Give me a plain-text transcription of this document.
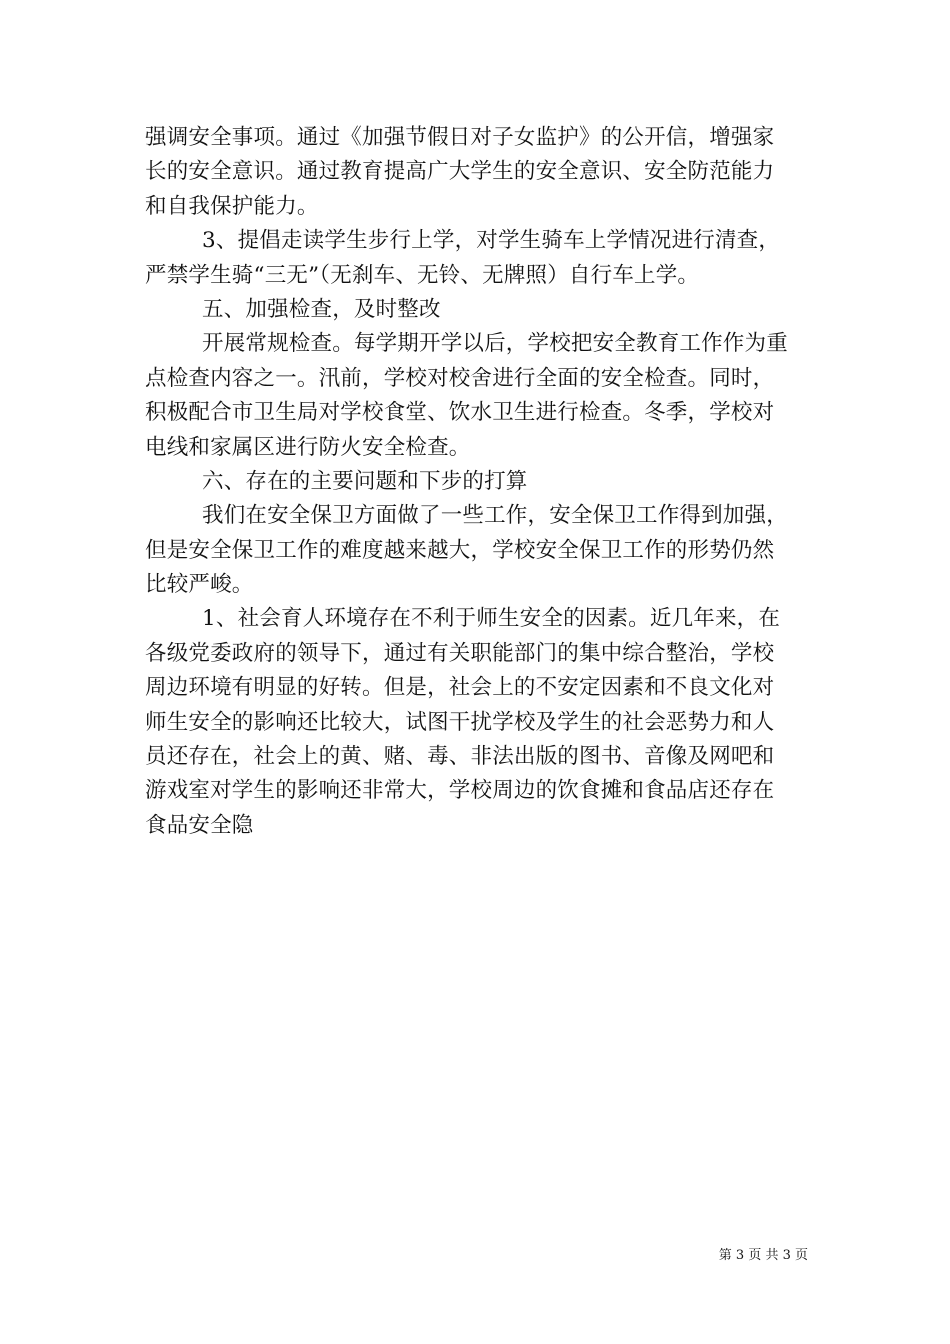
强调安全事项。通过《加强节假日对子女监护》的公开信，增强家
长的安全意识。通过教育提高广大学生的安全意识、安全防范能力
和自我保护能力。
3、提倡走读学生步行上学，对学生骑车上学情况进行清查，
严禁学生骑“三无”（无刹车、无铃、无牌照）自行车上学。
五、加强检查，及时整改
开展常规检查。每学期开学以后，学校把安全教育工作作为重
点检查内容之一。汛前，学校对校舍进行全面的安全检查。同时，
积极配合市卫生局对学校食堂、饮水卫生进行检查。冬季，学校对
电线和家属区进行防火安全检查。
六、存在的主要问题和下步的打算
我们在安全保卫方面做了一些工作，安全保卫工作得到加强，
但是安全保卫工作的难度越来越大，学校安全保卫工作的形势仍然
比较严峻。
1、社会育人环境存在不利于师生安全的因素。近几年来，在
各级党委政府的领导下，通过有关职能部门的集中综合整治，学校
周边环境有明显的好转。但是，社会上的不安定因素和不良文化对
师生安全的影响还比较大，试图干扰学校及学生的社会恶势力和人
员还存在，社会上的黄、赌、毒、非法出版的图书、音像及网吧和
游戏室对学生的影响还非常大，学校周边的饮食摊和食品店还存在
食品安全隐
第 3 页 共 3 页
